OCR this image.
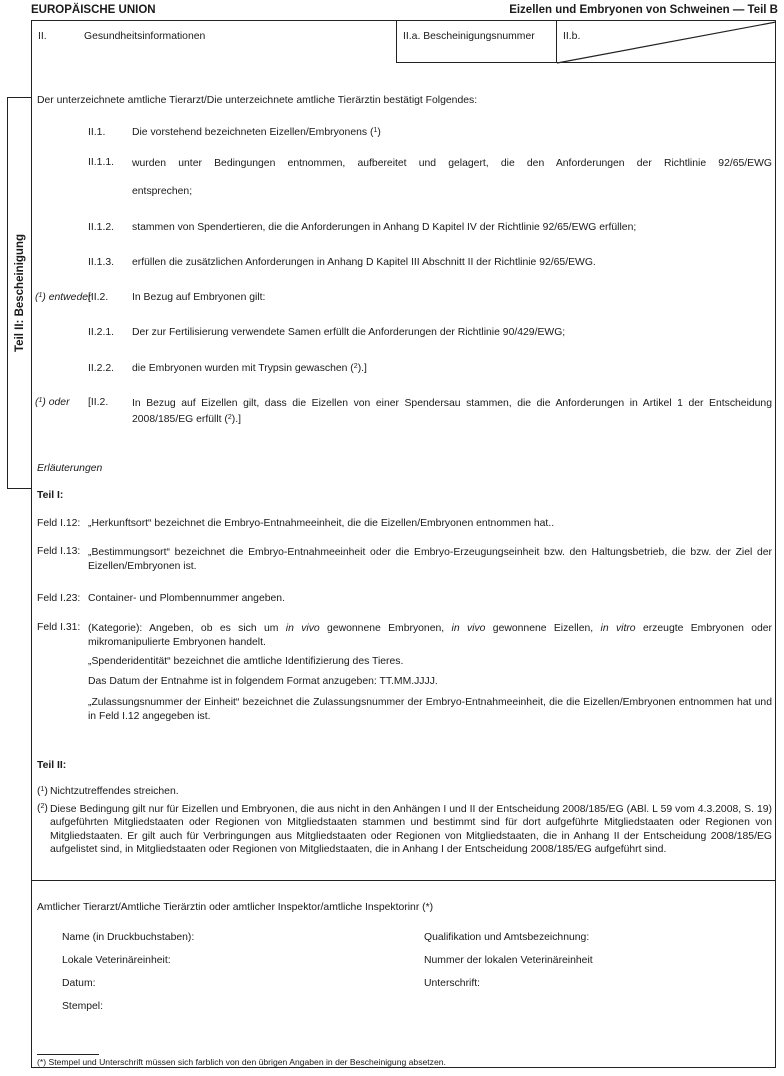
EUROPÄISCHE UNION	Eizellen und Embryonen von Schweinen — Teil B
II.	Gesundheitsinformationen	II.a. Bescheinigungsnummer	II.b.
Teil II: Bescheinigung
Der unterzeichnete amtliche Tierarzt/Die unterzeichnete amtliche Tierärztin bestätigt Folgendes:
II.1.	Die vorstehend bezeichneten Eizellen/Embryonens ($^1$)
II.1.1. wurden unter Bedingungen entnommen, aufbereitet und gelagert, die den Anforderungen der Richtlinie 92/65/EWG
entsprechen;
II.1.2. stammen von Spendertieren, die die Anforderungen in Anhang D Kapitel IV der Richtlinie 92/65/EWG erfüllen;
II.1.3. erfüllen die zusätzlichen Anforderungen in Anhang D Kapitel III Abschnitt II der Richtlinie 92/65/EWG.
($^1$) entweder
[II.2. In Bezug auf Embryonen gilt:
II.2.1. Der zur Fertilisierung verwendete Samen erfüllt die Anforderungen der Richtlinie 90/429/EWG;
II.2.2. die Embryonen wurden mit Trypsin gewaschen ($^2$).]
($^1$) oder [II.2. In Bezug auf Eizellen gilt, dass die Eizellen von einer Spendersau stammen, die die Anforderungen in Artikel 1 der Entscheidung 2008/185/EG erfüllt ($^2$).]
Erläuterungen
Teil I:
Feld I.12: „Herkunftsort“ bezeichnet die Embryo-Entnahmeeinheit, die die Eizellen/Embryonen entnommen hat..
Feld I.13: „Bestimmungsort“ bezeichnet die Embryo-Entnahmeeinheit oder die Embryo-Erzeugungseinheit bzw. den Haltungsbetrieb, die bzw. der Ziel der Eizellen/Embryonen ist.
Feld I.23: Container- und Plombennummer angeben.
Feld I.31: (Kategorie): Angeben, ob es sich um in vivo gewonnene Embryonen, in vivo gewonnene Eizellen, in vitro erzeugte Embryonen oder mikromanipulierte Embryonen handelt.
„Spenderidentität“ bezeichnet die amtliche Identifizierung des Tieres.
Das Datum der Entnahme ist in folgendem Format anzugeben: TT.MM.JJJJ.
„Zulassungsnummer der Einheit“ bezeichnet die Zulassungsnummer der Embryo-Entnahmeeinheit, die die Eizellen/Embryonen entnommen hat und in Feld I.12 angegeben ist.
Teil II:
($^1$) Nichtzutreffendes streichen.
($^2$) Diese Bedingung gilt nur für Eizellen und Embryonen, die aus nicht in den Anhängen I und II der Entscheidung 2008/185/EG (ABl. L 59 vom 4.3.2008, S. 19) aufgeführten Mitgliedstaaten oder Regionen von Mitgliedstaaten stammen und bestimmt sind für dort aufgeführte Mitgliedstaaten oder Regionen von Mitgliedstaaten. Er gilt auch für Verbringungen aus Mitgliedstaaten oder Regionen von Mitgliedstaaten, die in Anhang II der Entscheidung 2008/185/EG aufgelistet sind, in Mitgliedstaaten oder Regionen von Mitgliedstaaten, die in Anhang I der Entscheidung 2008/185/EG aufgeführt sind.
Amtlicher Tierarzt/Amtliche Tierärztin oder amtlicher Inspektor/amtliche Inspektorinr (*)
Name (in Druckbuchstaben):	Qualifikation und Amtsbezeichnung:
Lokale Veterinäreinheit:	Nummer der lokalen Veterinäreinheit
Datum:	Unterschrift:
Stempel:
(*) Stempel und Unterschrift müssen sich farblich von den übrigen Angaben in der Bescheinigung absetzen.
